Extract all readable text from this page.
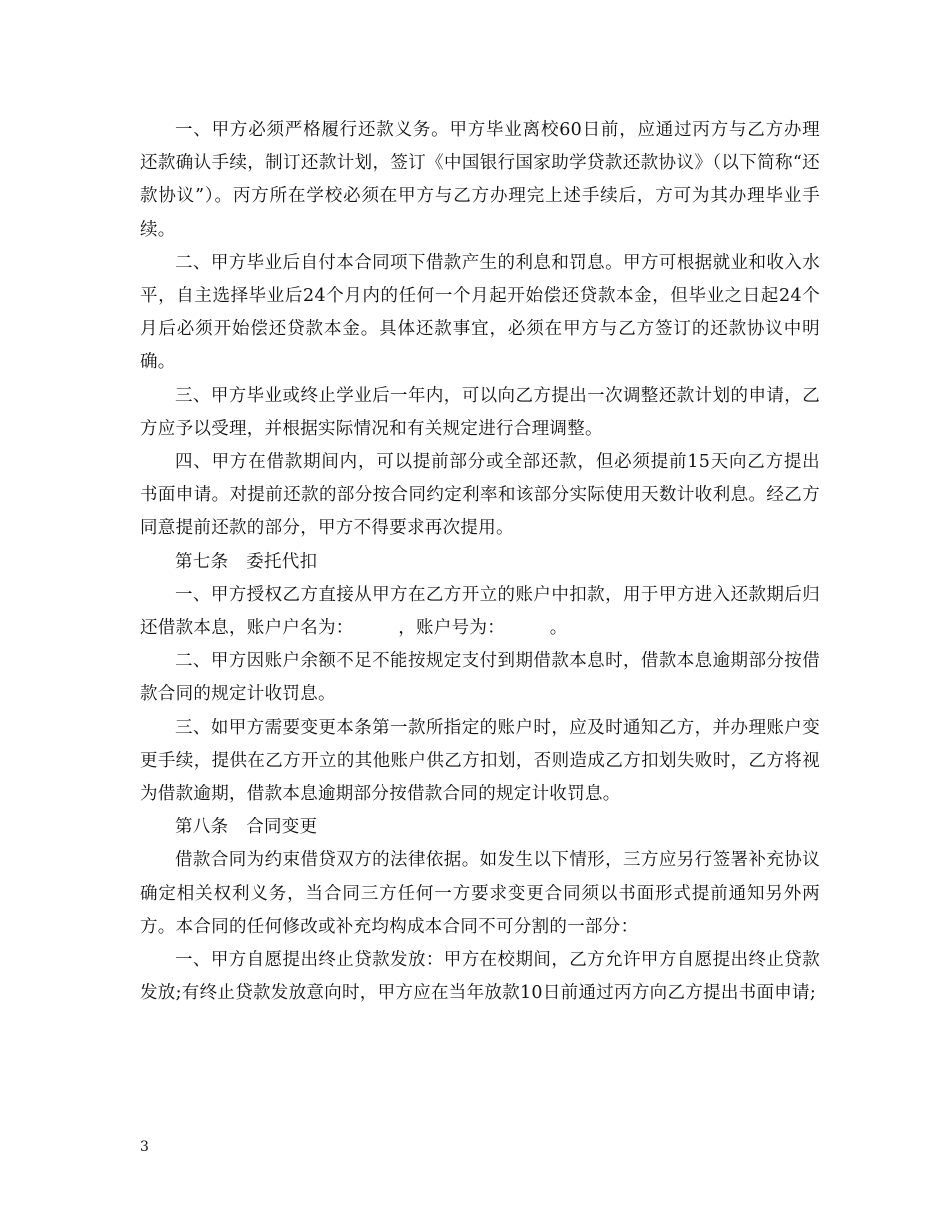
一、甲方必须严格履行还款义务。甲方毕业离校60日前，应通过丙方与乙方办理还款确认手续，制订还款计划，签订《中国银行国家助学贷款还款协议》（以下简称“还款协议”）。丙方所在学校必须在甲方与乙方办理完上述手续后，方可为其办理毕业手续。

二、甲方毕业后自付本合同项下借款产生的利息和罚息。甲方可根据就业和收入水平，自主选择毕业后24个月内的任何一个月起开始偿还贷款本金，但毕业之日起24个月后必须开始偿还贷款本金。具体还款事宜，必须在甲方与乙方签订的还款协议中明确。

三、甲方毕业或终止学业后一年内，可以向乙方提出一次调整还款计划的申请，乙方应予以受理，并根据实际情况和有关规定进行合理调整。

四、甲方在借款期间内，可以提前部分或全部还款，但必须提前15天向乙方提出书面申请。对提前还款的部分按合同约定利率和该部分实际使用天数计收利息。经乙方同意提前还款的部分，甲方不得要求再次提用。

第七条　委托代扣

一、甲方授权乙方直接从甲方在乙方开立的账户中扣款，用于甲方进入还款期后归还借款本息，账户户名为：　　　，账户号为：　　　。

二、甲方因账户余额不足不能按规定支付到期借款本息时，借款本息逾期部分按借款合同的规定计收罚息。

三、如甲方需要变更本条第一款所指定的账户时，应及时通知乙方，并办理账户变更手续，提供在乙方开立的其他账户供乙方扣划，否则造成乙方扣划失败时，乙方将视为借款逾期，借款本息逾期部分按借款合同的规定计收罚息。

第八条　合同变更

借款合同为约束借贷双方的法律依据。如发生以下情形，三方应另行签署补充协议确定相关权利义务，当合同三方任何一方要求变更合同须以书面形式提前通知另外两方。本合同的任何修改或补充均构成本合同不可分割的一部分：

一、甲方自愿提出终止贷款发放：甲方在校期间，乙方允许甲方自愿提出终止贷款发放;有终止贷款发放意向时，甲方应在当年放款10日前通过丙方向乙方提出书面申请;

3
